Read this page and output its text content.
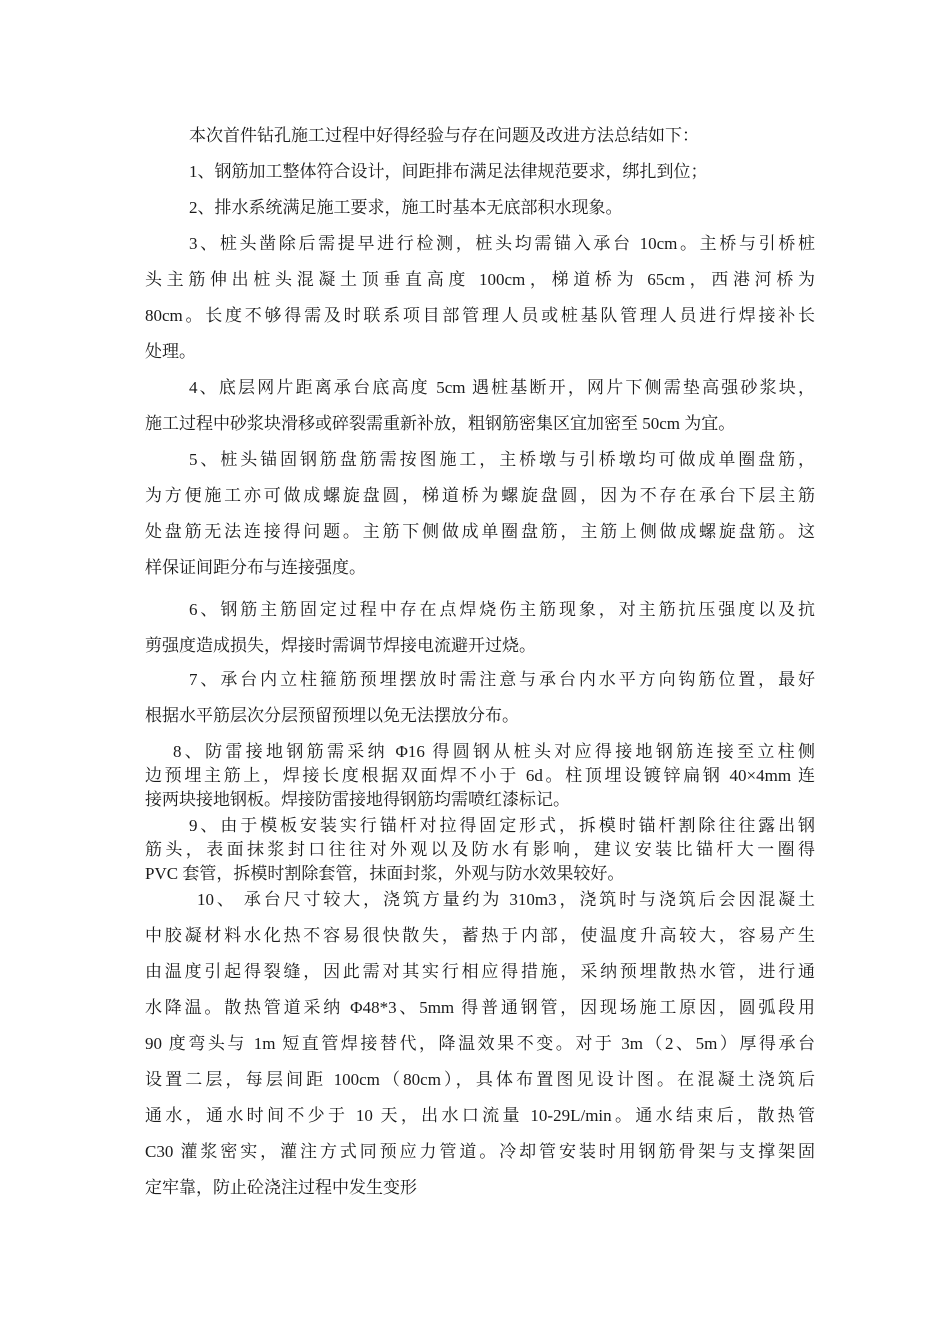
本次首件钻孔施工过程中好得经验与存在问题及改进方法总结如下：
1、钢筋加工整体符合设计，间距排布满足法律规范要求，绑扎到位；
2、排水系统满足施工要求，施工时基本无底部积水现象。
3、桩头凿除后需提早进行检测，桩头均需锚入承台 10cm。主桥与引桥桩
头主筋伸出桩头混凝土顶垂直高度 100cm，梯道桥为 65cm，西港河桥为
80cm。长度不够得需及时联系项目部管理人员或桩基队管理人员进行焊接补长
处理。
4、底层网片距离承台底高度 5cm 遇桩基断开，网片下侧需垫高强砂浆块，
施工过程中砂浆块滑移或碎裂需重新补放，粗钢筋密集区宜加密至 50cm 为宜。
5、桩头锚固钢筋盘筋需按图施工，主桥墩与引桥墩均可做成单圈盘筋，
为方便施工亦可做成螺旋盘圆，梯道桥为螺旋盘圆，因为不存在承台下层主筋
处盘筋无法连接得问题。主筋下侧做成单圈盘筋，主筋上侧做成螺旋盘筋。这
样保证间距分布与连接强度。
6、钢筋主筋固定过程中存在点焊烧伤主筋现象，对主筋抗压强度以及抗
剪强度造成损失，焊接时需调节焊接电流避开过烧。
7、承台内立柱箍筋预埋摆放时需注意与承台内水平方向钩筋位置，最好
根据水平筋层次分层预留预埋以免无法摆放分布。
8、防雷接地钢筋需采纳 Φ16 得圆钢从桩头对应得接地钢筋连接至立柱侧
边预埋主筋上，焊接长度根据双面焊不小于 6d。柱顶埋设镀锌扁钢 40×4mm 连
接两块接地钢板。焊接防雷接地得钢筋均需喷红漆标记。
9、由于模板安装实行锚杆对拉得固定形式，拆模时锚杆割除往往露出钢
筋头，表面抹浆封口往往对外观以及防水有影响，建议安装比锚杆大一圈得
PVC 套管，拆模时割除套管，抹面封浆，外观与防水效果较好。
10、 承台尺寸较大，浇筑方量约为 310m3，浇筑时与浇筑后会因混凝土
中胶凝材料水化热不容易很快散失，蓄热于内部，使温度升高较大，容易产生
由温度引起得裂缝，因此需对其实行相应得措施，采纳预埋散热水管，进行通
水降温。散热管道采纳 Φ48*3、5mm 得普通钢管，因现场施工原因，圆弧段用
90 度弯头与 1m 短直管焊接替代，降温效果不变。对于 3m（2、5m）厚得承台
设置二层，每层间距 100cm（80cm），具体布置图见设计图。在混凝土浇筑后
通水，通水时间不少于 10 天，出水口流量 10-29L/min。通水结束后，散热管
C30 灌浆密实，灌注方式同预应力管道。冷却管安装时用钢筋骨架与支撑架固
定牢靠，防止砼浇注过程中发生变形
